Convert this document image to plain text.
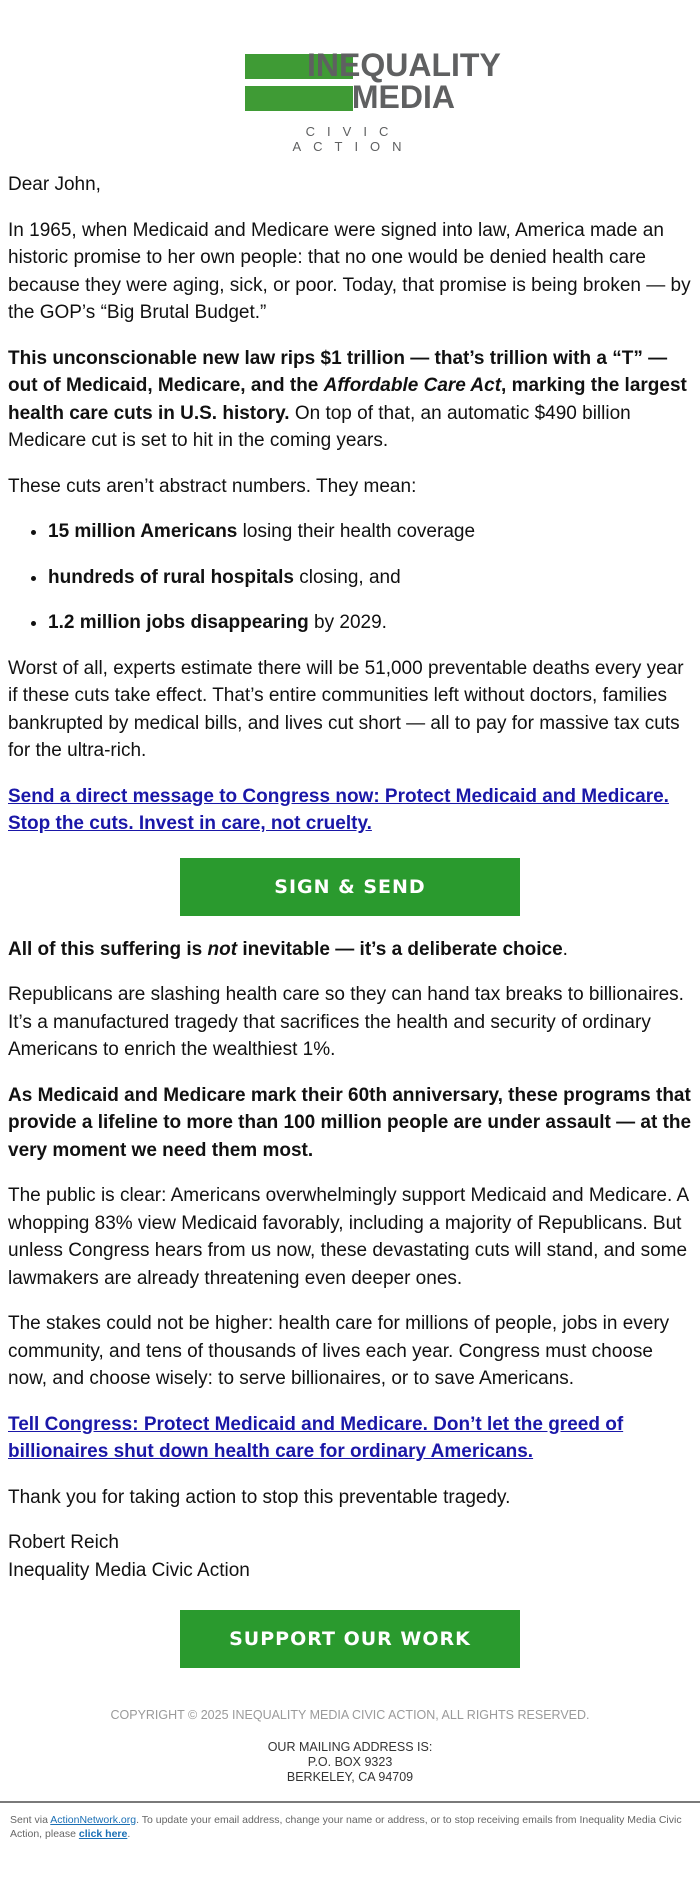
INEQUALITY
MEDIA
CIVIC ACTION

Dear John,

In 1965, when Medicaid and Medicare were signed into law, America made an historic promise to her own people: that no one would be denied health care because they were aging, sick, or poor. Today, that promise is being broken — by the GOP’s “Big Brutal Budget.”

This unconscionable new law rips $1 trillion — that’s trillion with a “T” — out of Medicaid, Medicare, and the Affordable Care Act, marking the largest health care cuts in U.S. history. On top of that, an automatic $490 billion Medicare cut is set to hit in the coming years.

These cuts aren’t abstract numbers. They mean:

• 15 million Americans losing their health coverage
• hundreds of rural hospitals closing, and
• 1.2 million jobs disappearing by 2029.

Worst of all, experts estimate there will be 51,000 preventable deaths every year if these cuts take effect. That’s entire communities left without doctors, families bankrupted by medical bills, and lives cut short — all to pay for massive tax cuts for the ultra-rich.

Send a direct message to Congress now: Protect Medicaid and Medicare. Stop the cuts. Invest in care, not cruelty.

SIGN & SEND

All of this suffering is not inevitable — it’s a deliberate choice.

Republicans are slashing health care so they can hand tax breaks to billionaires. It’s a manufactured tragedy that sacrifices the health and security of ordinary Americans to enrich the wealthiest 1%.

As Medicaid and Medicare mark their 60th anniversary, these programs that provide a lifeline to more than 100 million people are under assault — at the very moment we need them most.

The public is clear: Americans overwhelmingly support Medicaid and Medicare. A whopping 83% view Medicaid favorably, including a majority of Republicans. But unless Congress hears from us now, these devastating cuts will stand, and some lawmakers are already threatening even deeper ones.

The stakes could not be higher: health care for millions of people, jobs in every community, and tens of thousands of lives each year. Congress must choose now, and choose wisely: to serve billionaires, or to save Americans.

Tell Congress: Protect Medicaid and Medicare. Don’t let the greed of billionaires shut down health care for ordinary Americans.

Thank you for taking action to stop this preventable tragedy.

Robert Reich

Inequality Media Civic Action

SUPPORT OUR WORK
COPYRIGHT © 2025 INEQUALITY MEDIA CIVIC ACTION, ALL RIGHTS RESERVED.
OUR MAILING ADDRESS IS:
P.O. BOX 9323
BERKELEY, CA 94709
Sent via ActionNetwork.org. To update your email address, change your name or address, or to stop receiving emails from Inequality Media Civic Action, please click here.
